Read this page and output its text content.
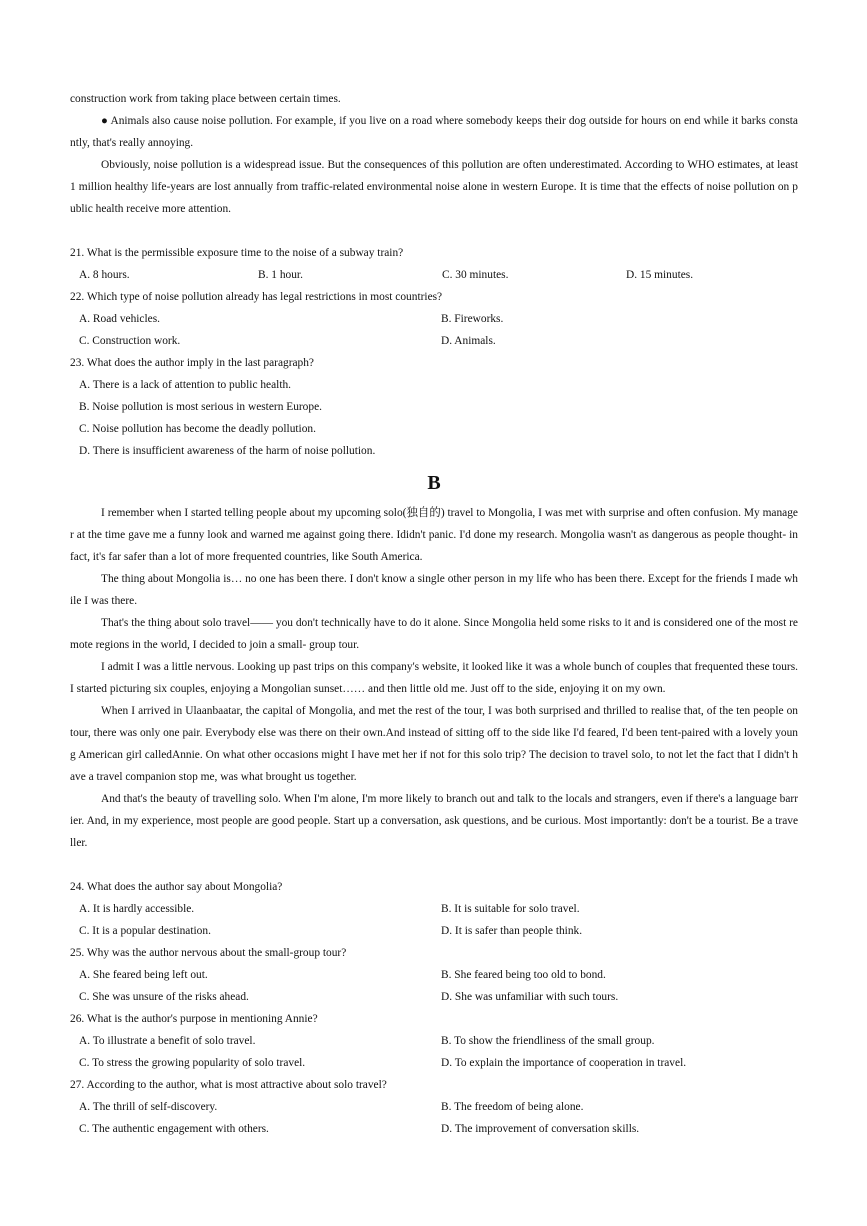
construction work from taking place between certain times.

● Animals also cause noise pollution. For example, if you live on a road where somebody keeps their dog outside for hours on end while it barks constantly, that's really annoying.

Obviously, noise pollution is a widespread issue. But the consequences of this pollution are often underestimated. According to WHO estimates, at least 1 million healthy life-years are lost annually from traffic-related environmental noise alone in western Europe. It is time that the effects of noise pollution on public health receive more attention.

21. What is the permissible exposure time to the noise of a subway train?

A. 8 hours.	B. 1 hour.	C. 30 minutes.	D. 15 minutes.

22. Which type of noise pollution already has legal restrictions in most countries?

A. Road vehicles.	B. Fireworks.
C. Construction work.	D. Animals.

23. What does the author imply in the last paragraph?

A. There is a lack of attention to public health.
B. Noise pollution is most serious in western Europe.
C. Noise pollution has become the deadly pollution.
D. There is insufficient awareness of the harm of noise pollution.
B

I remember when I started telling people about my upcoming solo(独自的) travel to Mongolia, I was met with surprise and often confusion. My manager at the time gave me a funny look and warned me against going there. Ididn't panic. I'd done my research. Mongolia wasn't as dangerous as people thought- in fact, it's far safer than a lot of more frequented countries, like South America.

The thing about Mongolia is… no one has been there. I don't know a single other person in my life who has been there. Except for the friends I made while I was there.

That's the thing about solo travel—— you don't technically have to do it alone. Since Mongolia held some risks to it and is considered one of the most remote regions in the world, I decided to join a small- group tour.

I admit I was a little nervous. Looking up past trips on this company's website, it looked like it was a whole bunch of couples that frequented these tours. I started picturing six couples, enjoying a Mongolian sunset…… and then little old me. Just off to the side, enjoying it on my own.

When I arrived in Ulaanbaatar, the capital of Mongolia, and met the rest of the tour, I was both surprised and thrilled to realise that, of the ten people on tour, there was only one pair. Everybody else was there on their own.And instead of sitting off to the side like I'd feared, I'd been tent-paired with a lovely young American girl calledAnnie. On what other occasions might I have met her if not for this solo trip? The decision to travel solo, to not let the fact that I didn't have a travel companion stop me, was what brought us together.

And that's the beauty of travelling solo. When I'm alone, I'm more likely to branch out and talk to the locals and strangers, even if there's a language barrier. And, in my experience, most people are good people. Start up a conversation, ask questions, and be curious. Most importantly: don't be a tourist. Be a traveller.

24. What does the author say about Mongolia?

A. It is hardly accessible.	B. It is suitable for solo travel.
C. It is a popular destination.	D. It is safer than people think.

25. Why was the author nervous about the small-group tour?

A. She feared being left out.	B. She feared being too old to bond.
C. She was unsure of the risks ahead.	D. She was unfamiliar with such tours.

26. What is the author's purpose in mentioning Annie?

A. To illustrate a benefit of solo travel.	B. To show the friendliness of the small group.
C. To stress the growing popularity of solo travel.	D. To explain the importance of cooperation in travel.

27. According to the author, what is most attractive about solo travel?

A. The thrill of self-discovery.	B. The freedom of being alone.
C. The authentic engagement with others.	D. The improvement of conversation skills.
